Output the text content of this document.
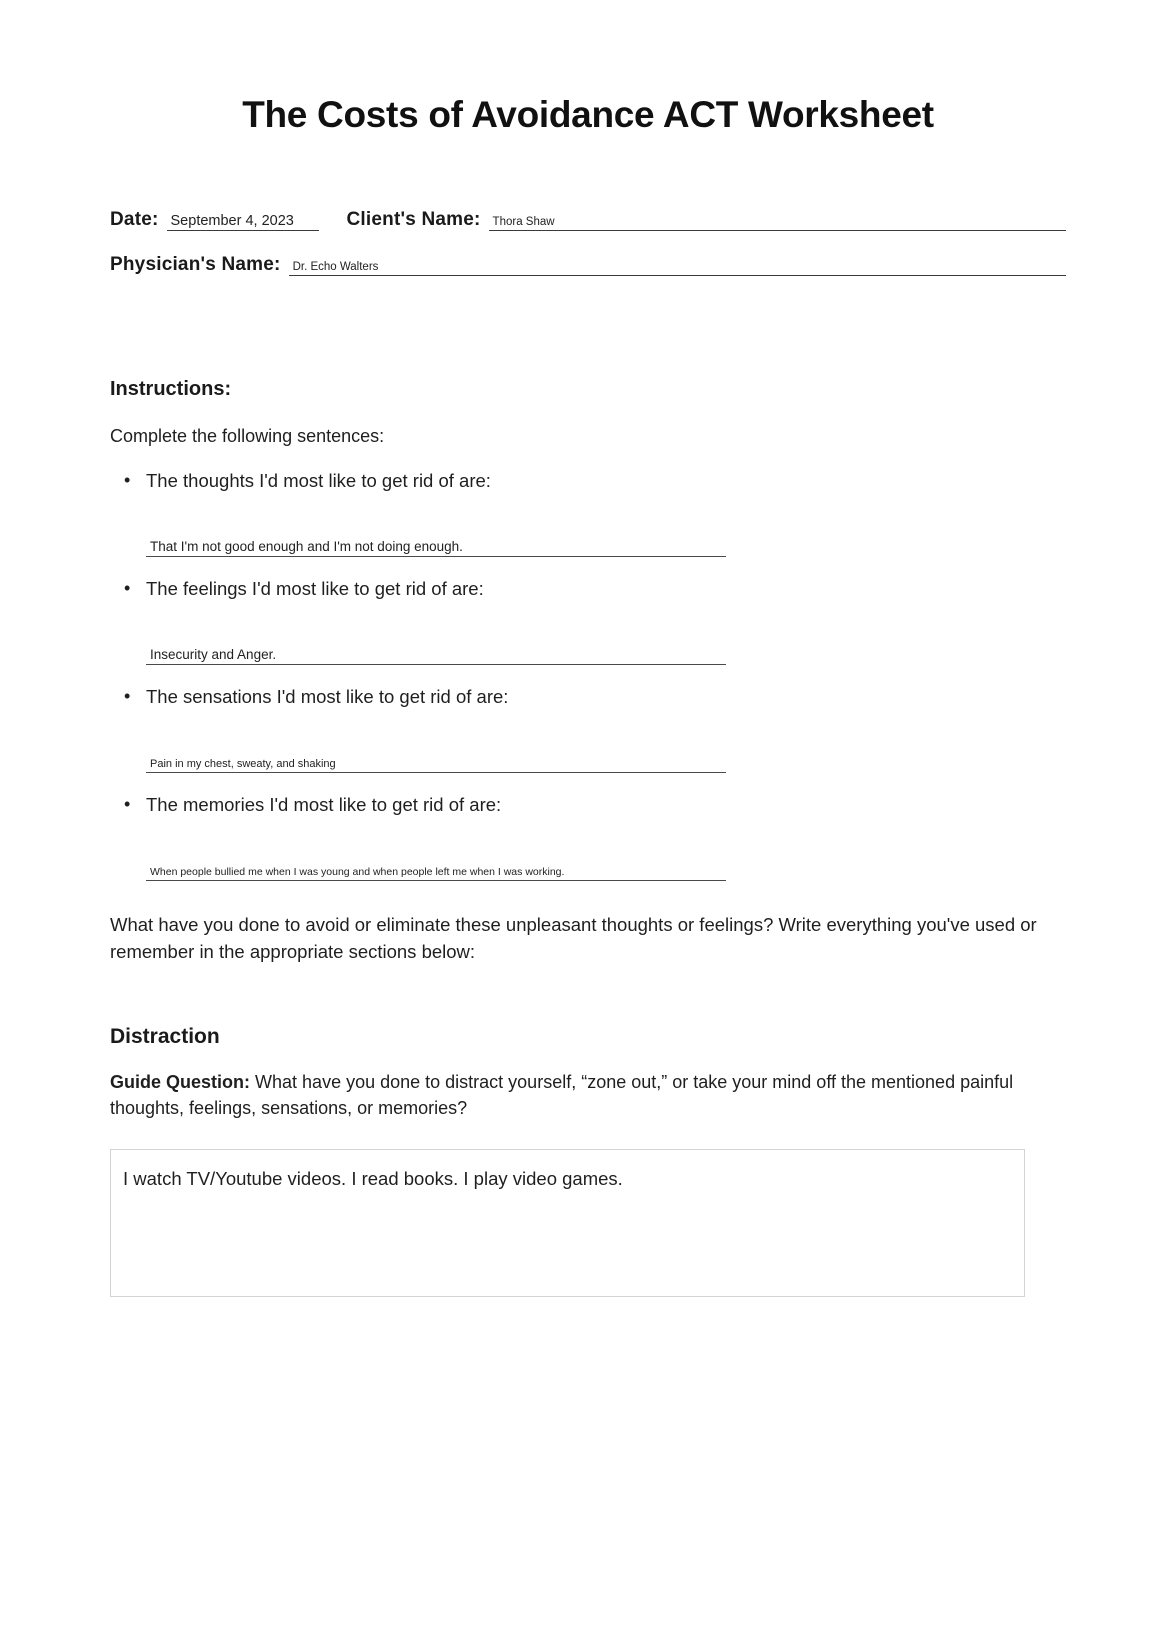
The Costs of Avoidance ACT Worksheet
Date: September 4, 2023	Client's Name: Thora Shaw
Physician's Name: Dr. Echo Walters
Instructions:

Complete the following sentences:

• The thoughts I'd most like to get rid of are:
That I'm not good enough and I'm not doing enough.
• The feelings I'd most like to get rid of are:
Insecurity and Anger.
• The sensations I'd most like to get rid of are:
Pain in my chest, sweaty, and shaking
• The memories I'd most like to get rid of are:
When people bullied me when I was young and when people left me when I was working.

What have you done to avoid or eliminate these unpleasant thoughts or feelings? Write everything you've used or remember in the appropriate sections below:

Distraction

Guide Question: What have you done to distract yourself, “zone out,” or take your mind off the mentioned painful thoughts, feelings, sensations, or memories?

I watch TV/Youtube videos. I read books. I play video games.
